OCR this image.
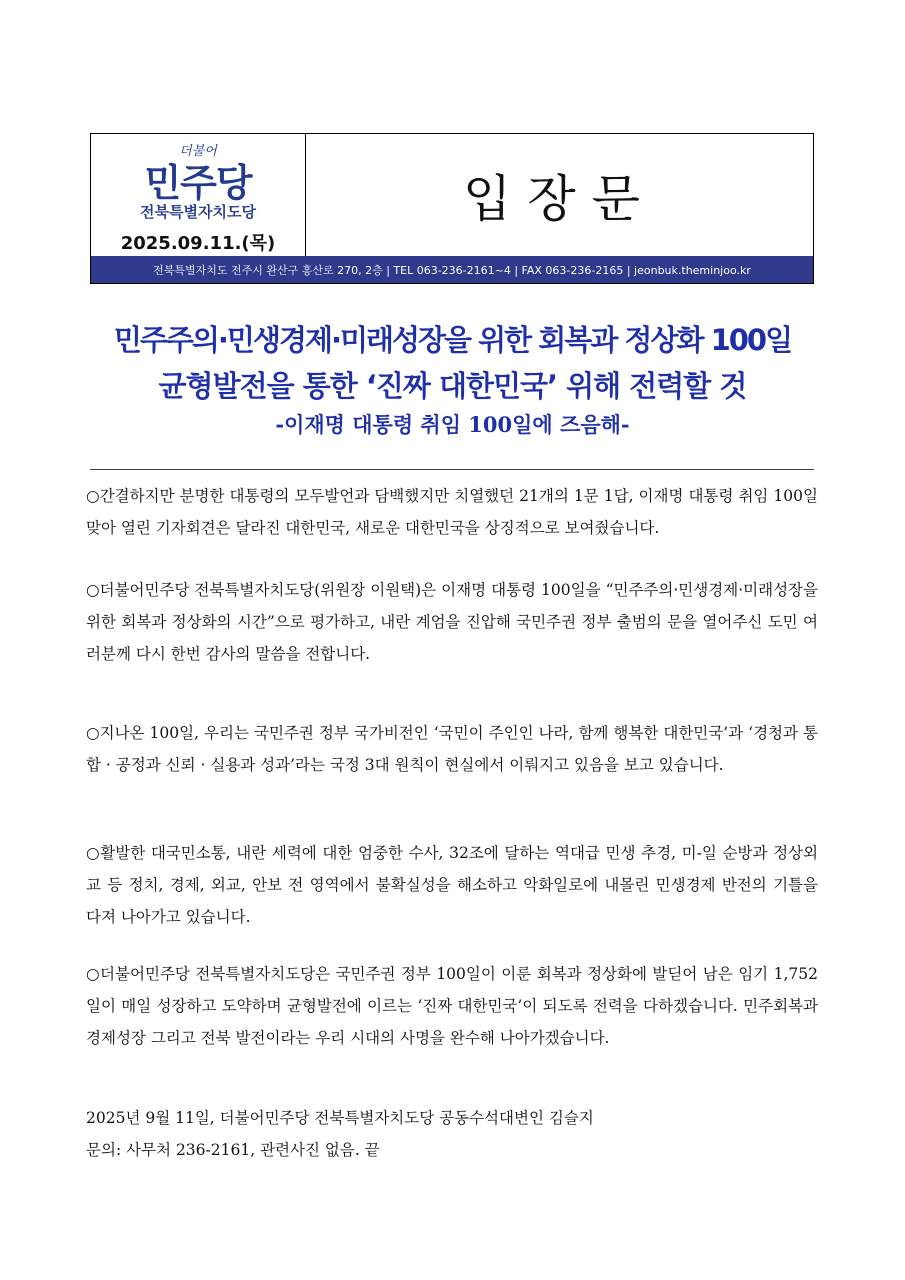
더불어
민주당
전북특별자치도당
2025.09.11.(목)
입장문
전북특별자치도 전주시 완산구 홍산로 270, 2층 | TEL 063-236-2161~4 | FAX 063-236-2165 | jeonbuk.theminjoo.kr
민주주의·민생경제·미래성장을 위한 회복과 정상화 100일
균형발전을 통한 ‘진짜 대한민국’ 위해 전력할 것
-이재명 대통령 취임 100일에 즈음해-

○간결하지만 분명한 대통령의 모두발언과 담백했지만 치열했던 21개의 1문 1답, 이재명 대통령 취임 100일 맞아 열린 기자회견은 달라진 대한민국, 새로운 대한민국을 상징적으로 보여줬습니다.

○더불어민주당 전북특별자치도당(위원장 이원택)은 이재명 대통령 100일을 “민주주의·민생경제·미래성장을 위한 회복과 정상화의 시간”으로 평가하고, 내란 계엄을 진압해 국민주권 정부 출범의 문을 열어주신 도민 여러분께 다시 한번 감사의 말씀을 전합니다.

○지나온 100일, 우리는 국민주권 정부 국가비전인 ‘국민이 주인인 나라, 함께 행복한 대한민국’과 ‘경청과 통합 · 공정과 신뢰 · 실용과 성과’라는 국정 3대 원칙이 현실에서 이뤄지고 있음을 보고 있습니다.

○활발한 대국민소통, 내란 세력에 대한 엄중한 수사, 32조에 달하는 역대급 민생 추경, 미-일 순방과 정상외교 등 정치, 경제, 외교, 안보 전 영역에서 불확실성을 해소하고 악화일로에 내몰린 민생경제 반전의 기틀을 다져 나아가고 있습니다.

○더불어민주당 전북특별자치도당은 국민주권 정부 100일이 이룬 회복과 정상화에 발딛어 남은 임기 1,752일이 매일 성장하고 도약하며 균형발전에 이르는 ‘진짜 대한민국’이 되도록 전력을 다하겠습니다. 민주회복과 경제성장 그리고 전북 발전이라는 우리 시대의 사명을 완수해 나아가겠습니다.

2025년 9월 11일, 더불어민주당 전북특별자치도당 공동수석대변인 김슬지
문의: 사무처 236-2161, 관련사진 없음. 끝
